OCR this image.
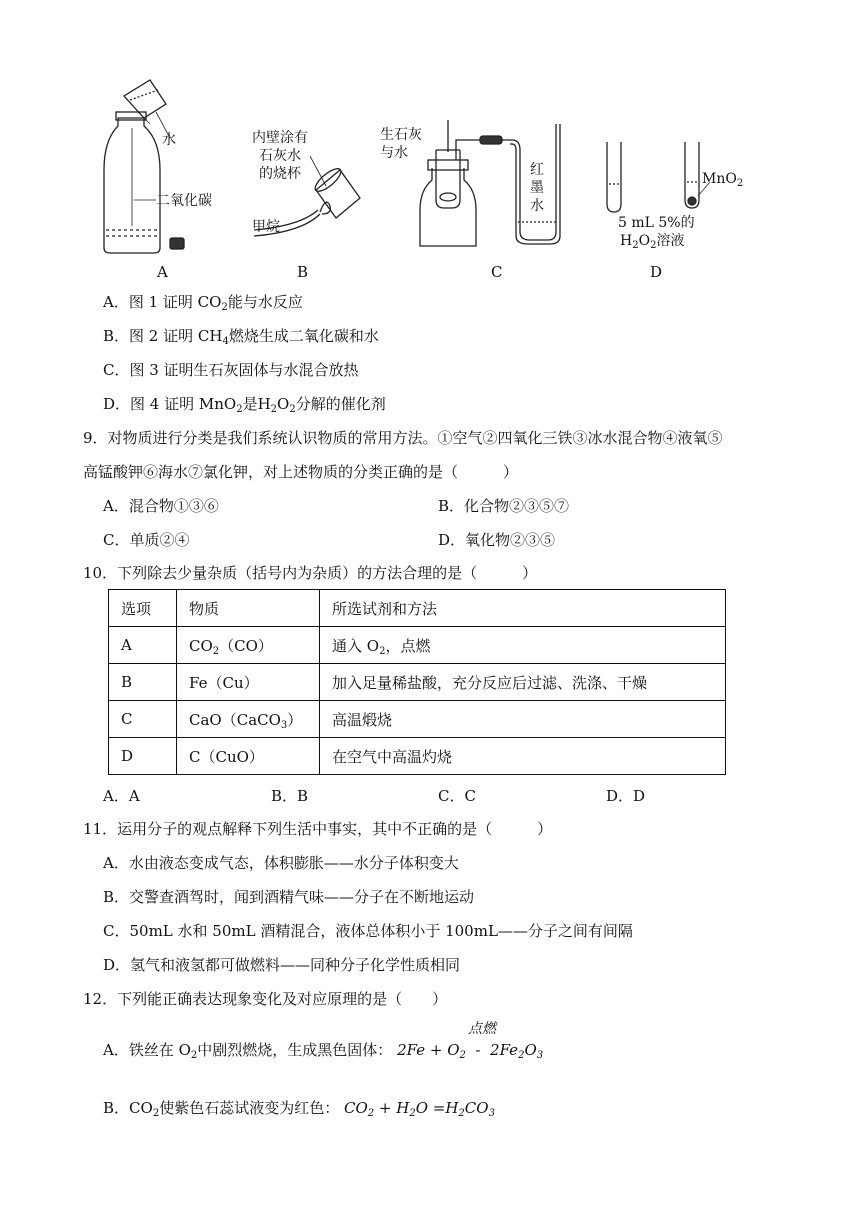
水
二氧化碳
内壁涂有
石灰水
的烧杯
甲烷
生石灰
与水
红
墨
水
MnO$_2$
5 mL 5%的
$H_2O_2$溶液
A	B	C	D
A．图 1 证明 $CO_2$能与水反应
B．图 2 证明 $CH_4$燃烧生成二氧化碳和水
C．图 3 证明生石灰固体与水混合放热
D．图 4 证明 MnO$_2$是$H_2O_2$分解的催化剂
9．对物质进行分类是我们系统认识物质的常用方法。①空气②四氧化三铁③冰水混合物④液氧⑤
高锰酸钾⑥海水⑦氯化钾，对上述物质的分类正确的是（　　　）
A．混合物①③⑥	B．化合物②③⑤⑦
C．单质②④	D．氧化物②③⑤
10．下列除去少量杂质（括号内为杂质）的方法合理的是（　　　）
选项	物质	所选试剂和方法
A	$CO_2(CO)$	通入 $O_2$，点燃
B	Fe（Cu）	加入足量稀盐酸，充分反应后过滤、洗涤、干燥
C	CaO（CaCO$_3$）	高温煅烧
D	C（CuO）	在空气中高温灼烧
A．A	B．B	C．C	D．D
11．运用分子的观点解释下列生活中事实，其中不正确的是（　　　）
A．水由液态变成气态，体积膨胀——水分子体积变大
B．交警查酒驾时，闻到酒精气味——分子在不断地运动
C．50mL 水和 50mL 酒精混合，液体总体积小于 100mL——分子之间有间隔
D．氢气和液氢都可做燃料——同种分子化学性质相同
12．下列能正确表达现象变化及对应原理的是（　　）
点燃
A．铁丝在 $O_2$中剧烈燃烧，生成黑色固体： $2Fe + O_2 - 2Fe_2O_3$
B．$CO_2$使紫色石蕊试液变为红色： $CO_2 + H_2O =H_2CO_3$
